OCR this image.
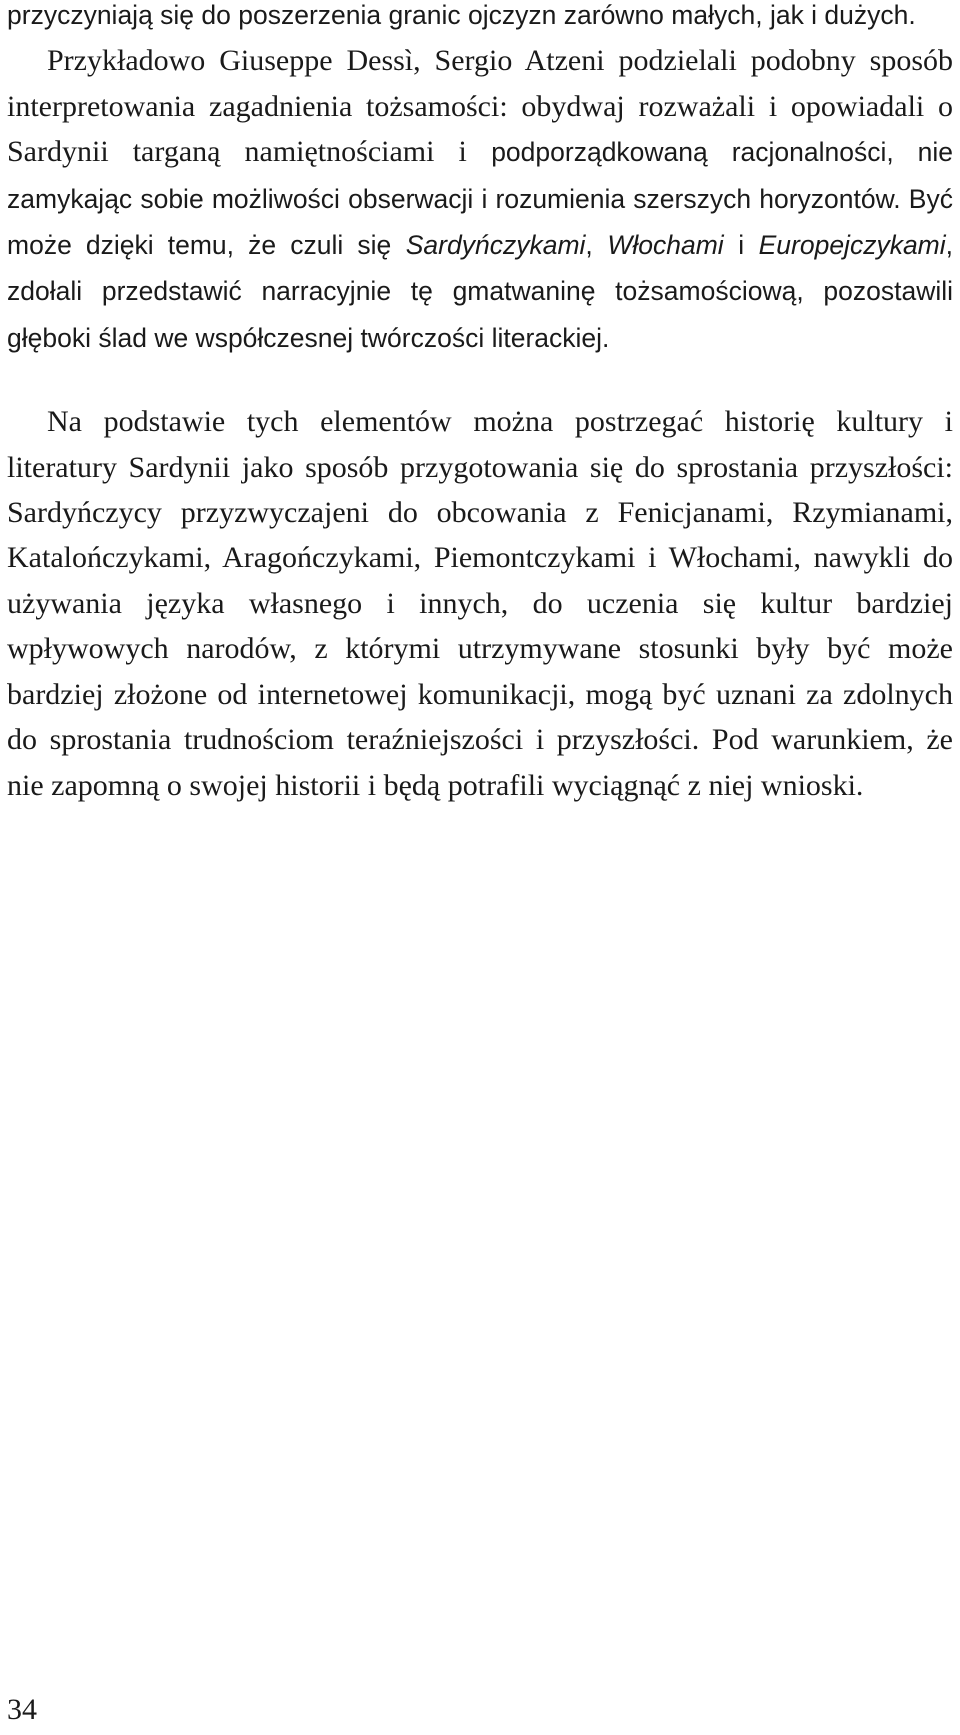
przyczyniają się do poszerzenia granic ojczyzn zarówno małych, jak i dużych.
Przykładowo Giuseppe Dessì, Sergio Atzeni podzielali podobny sposób interpretowania zagadnienia tożsamości: obydwaj rozważali i opowiadali o Sardynii targaną namiętnościami i podporządkowaną racjonalności, nie zamykając sobie możliwości obserwacji i rozumienia szerszych horyzontów. Być może dzięki temu, że czuli się Sardyńczykami, Włochami i Europejczykami, zdołali przedstawić narracyjnie tę gmatwaninę tożsamościową, pozostawili głęboki ślad we współczesnej twórczości literackiej.

Na podstawie tych elementów można postrzegać historię kultury i literatury Sardynii jako sposób przygotowania się do sprostania przyszłości: Sardyńczycy przyzwyczajeni do obcowania z Fenicjanami, Rzymianami, Katalończykami, Aragończykami, Piemontczykami i Włochami, nawykli do używania języka własnego i innych, do uczenia się kultur bardziej wpływowych narodów, z którymi utrzymywane stosunki były być może bardziej złożone od internetowej komunikacji, mogą być uznani za zdolnych do sprostania trudnościom teraźniejszości i przyszłości. Pod warunkiem, że nie zapomną o swojej historii i będą potrafili wyciągnąć z niej wnioski.

34
